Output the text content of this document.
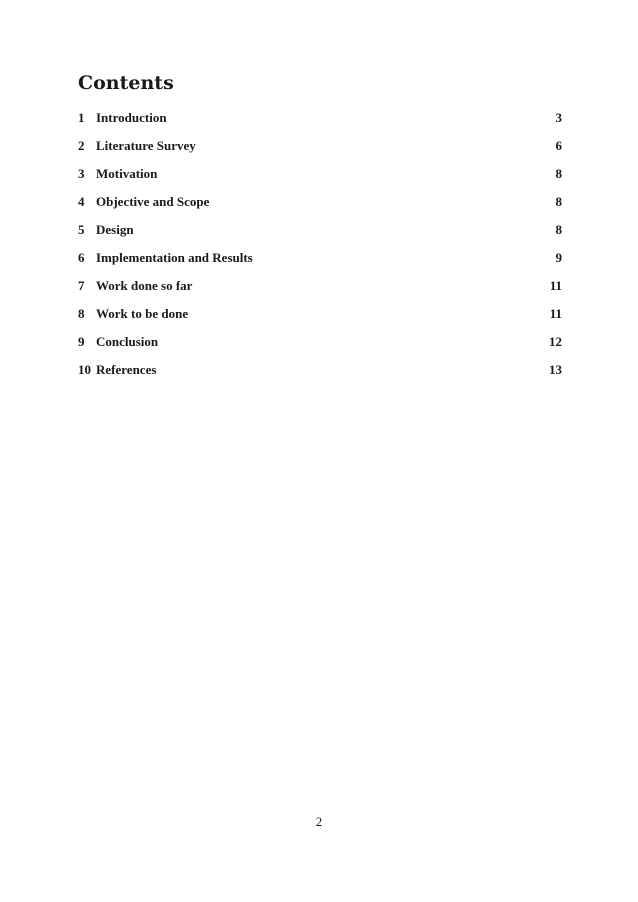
Contents
1 Introduction	3
2 Literature Survey	6
3 Motivation	8
4 Objective and Scope	8
5 Design	8
6 Implementation and Results	9
7 Work done so far	11
8 Work to be done	11
9 Conclusion	12
10 References	13
2
